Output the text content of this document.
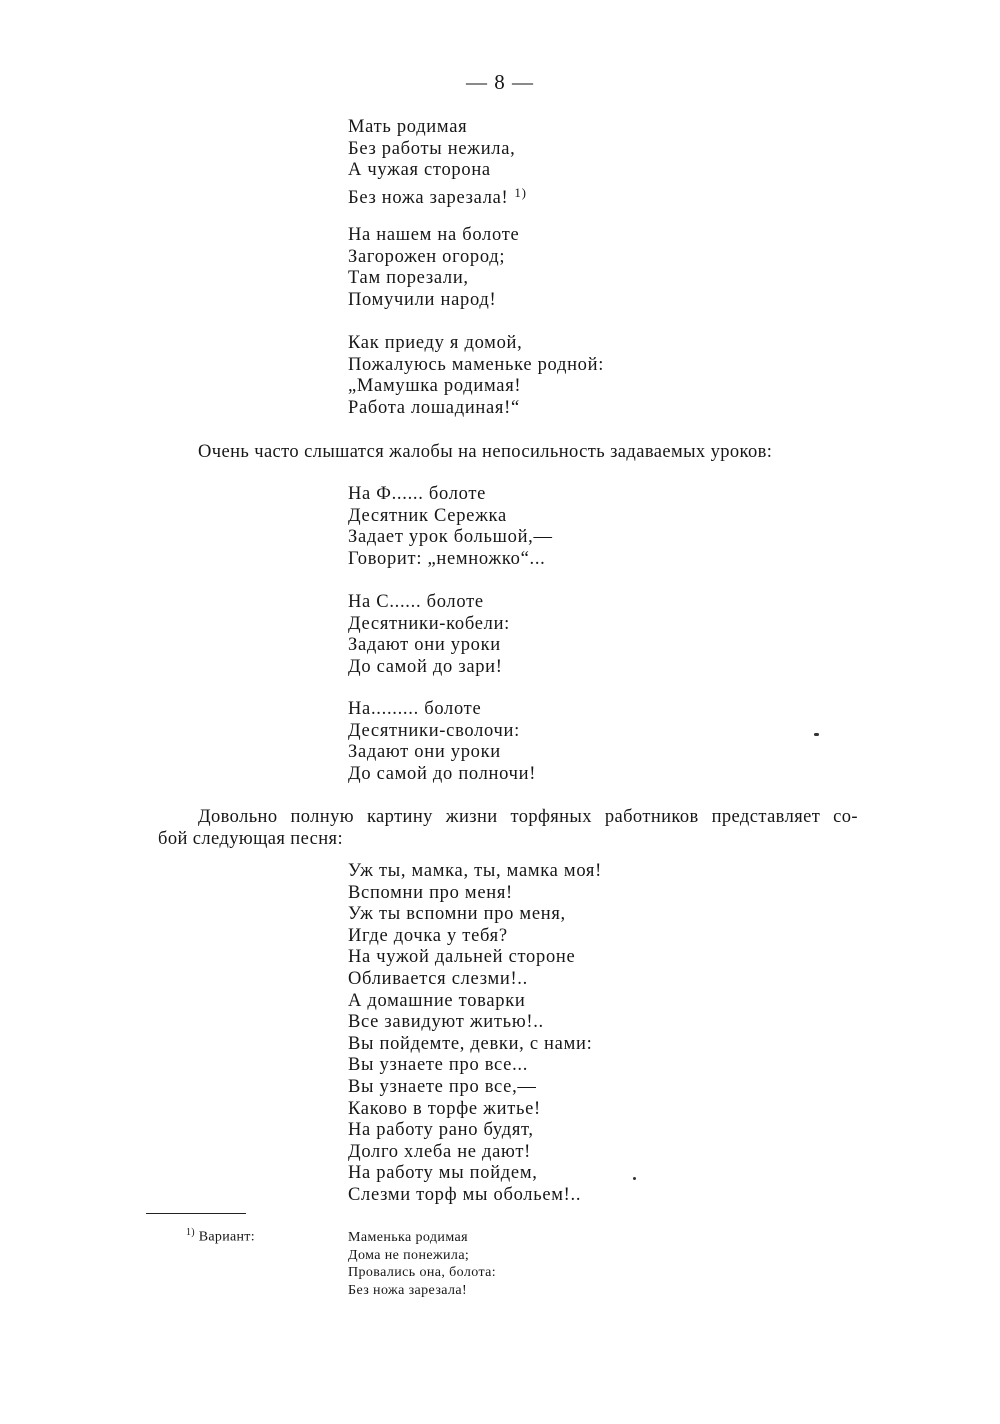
— 8 —
Мать родимая
Без работы нежила,
А чужая сторона
Без ножа зарезала! $^{1)}$
На нашем на болоте
Загорожен огород;
Там порезали,
Помучили народ!
Как приеду я домой,
Пожалуюсь маменьке родной:
„Мамушка родимая!
Работа лошадиная!“

Очень часто слышатся жалобы на непосильность задаваемых уроков:

На Ф...... болоте
Десятник Сережка
Задает урок большой,—
Говорит: „немножко“...
На С...... болоте
Десятники-кобели:
Задают они уроки
До самой до зари!
На......... болоте
Десятники-сволочи:
Задают они уроки
До самой до полночи!

Довольно полную картину жизни торфяных работников представляет со-
бой следующая песня:

Уж ты, мамка, ты, мамка моя!
Вспомни про меня!
Уж ты вспомни про меня,
Игде дочка у тебя?
На чужой дальней стороне
Обливается слезми!..
А домашние товарки
Все завидуют житью!..
Вы пойдемте, девки, с нами:
Вы узнаете про все...
Вы узнаете про все,—
Каково в торфе житье!
На работу рано будят,
Долго хлеба не дают!
На работу мы пойдем,
Слезми торф мы обольем!..
$^{1)}$ Вариант:	Маменька родимая
Дома не понежила;
Провались она, болота:
Без ножа зарезала!
